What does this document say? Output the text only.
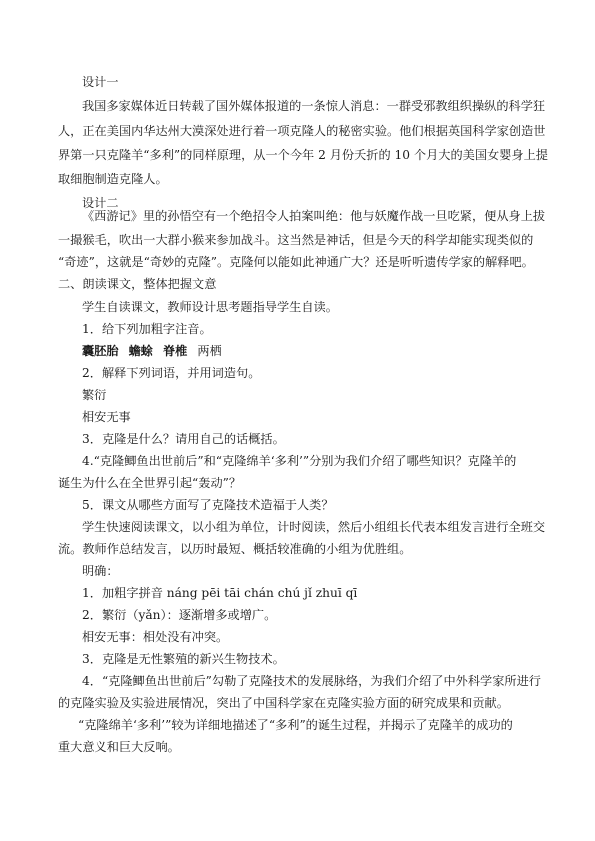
设计一

我国多家媒体近日转载了国外媒体报道的一条惊人消息：一群受邪教组织操纵的科学狂

人，正在美国内华达州大漠深处进行着一项克隆人的秘密实验。他们根据英国科学家创造世

界第一只克隆羊“多利”的同样原理，从一个今年 2 月份夭折的 10 个月大的美国女婴身上提

取细胞制造克隆人。

设计二

《西游记》里的孙悟空有一个绝招令人拍案叫绝：他与妖魔作战一旦吃紧，便从身上拔

一撮猴毛，吹出一大群小猴来参加战斗。这当然是神话，但是今天的科学却能实现类似的

“奇迹”，这就是“奇妙的克隆”。克隆何以能如此神通广大？还是听听遗传学家的解释吧。

二、朗读课文，整体把握文意

学生自读课文，教师设计思考题指导学生自读。

1．给下列加粗字注音。

囊胚胎 蟾蜍 脊椎 两栖

2．解释下列词语，并用词造句。

繁衍

相安无事

3．克隆是什么？请用自己的话概括。

4.“克隆鲫鱼出世前后”和“克隆绵羊‘多利’”分别为我们介绍了哪些知识？克隆羊的

诞生为什么在全世界引起“轰动”？

5．课文从哪些方面写了克隆技术造福于人类？

学生快速阅读课文，以小组为单位，计时阅读，然后小组组长代表本组发言进行全班交

流。教师作总结发言，以历时最短、概括较准确的小组为优胜组。

明确：

1．加粗字拼音 náng pēi tāi chán chú jǐ zhuī qī

2．繁衍（yǎn）：逐渐增多或增广。

相安无事：相处没有冲突。

3．克隆是无性繁殖的新兴生物技术。

4．“克隆鲫鱼出世前后”勾勒了克隆技术的发展脉络，为我们介绍了中外科学家所进行

的克隆实验及实验进展情况，突出了中国科学家在克隆实验方面的研究成果和贡献。

“克隆绵羊‘多利’”较为详细地描述了“多利”的诞生过程，并揭示了克隆羊的成功的

重大意义和巨大反响。
